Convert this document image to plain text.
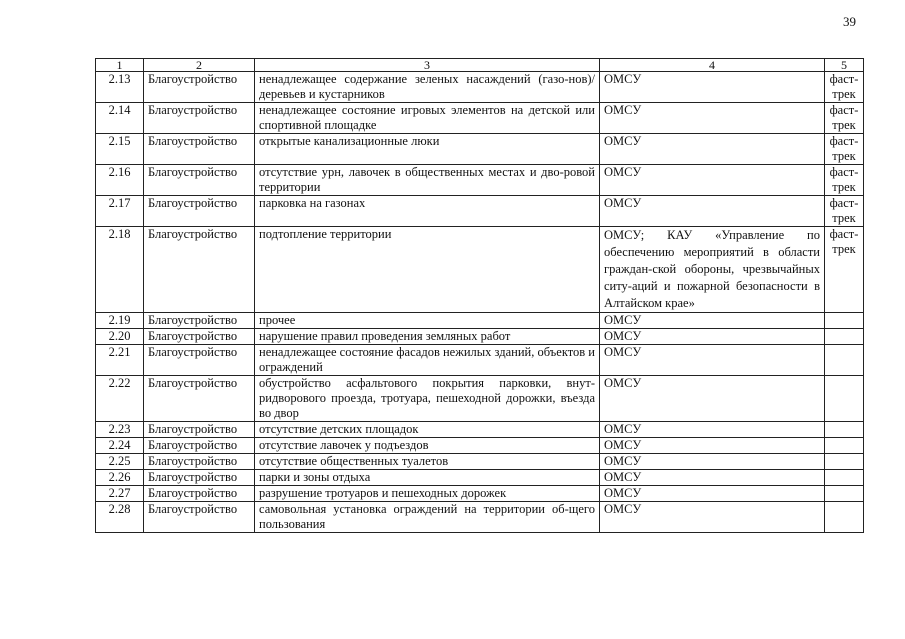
39
1	2	3	4	5
2.13	Благоустройство	ненадлежащее содержание зеленых насаждений (газо-нов)/деревьев и кустарников	ОМСУ	фаст-трек
2.14	Благоустройство	ненадлежащее состояние игровых элементов на детской или спортивной площадке	ОМСУ	фаст-трек
2.15	Благоустройство	открытые канализационные люки	ОМСУ	фаст-трек
2.16	Благоустройство	отсутствие урн, лавочек в общественных местах и дво-ровой территории	ОМСУ	фаст-трек
2.17	Благоустройство	парковка на газонах	ОМСУ	фаст-трек
2.18	Благоустройство	подтопление территории	ОМСУ; КАУ «Управление по обеспечению мероприятий в области граждан-ской обороны, чрезвычайных ситу-аций и пожарной безопасности в Алтайском крае»	фаст-трек
2.19	Благоустройство	прочее	ОМСУ	
2.20	Благоустройство	нарушение правил проведения земляных работ	ОМСУ	
2.21	Благоустройство	ненадлежащее состояние фасадов нежилых зданий, объектов и ограждений	ОМСУ	
2.22	Благоустройство	обустройство асфальтового покрытия парковки, внут-ридворового проезда, тротуара, пешеходной дорожки, въезда во двор	ОМСУ	
2.23	Благоустройство	отсутствие детских площадок	ОМСУ	
2.24	Благоустройство	отсутствие лавочек у подъездов	ОМСУ	
2.25	Благоустройство	отсутствие общественных туалетов	ОМСУ	
2.26	Благоустройство	парки и зоны отдыха	ОМСУ	
2.27	Благоустройство	разрушение тротуаров и пешеходных дорожек	ОМСУ	
2.28	Благоустройство	самовольная установка ограждений на территории об-щего пользования	ОМСУ	
